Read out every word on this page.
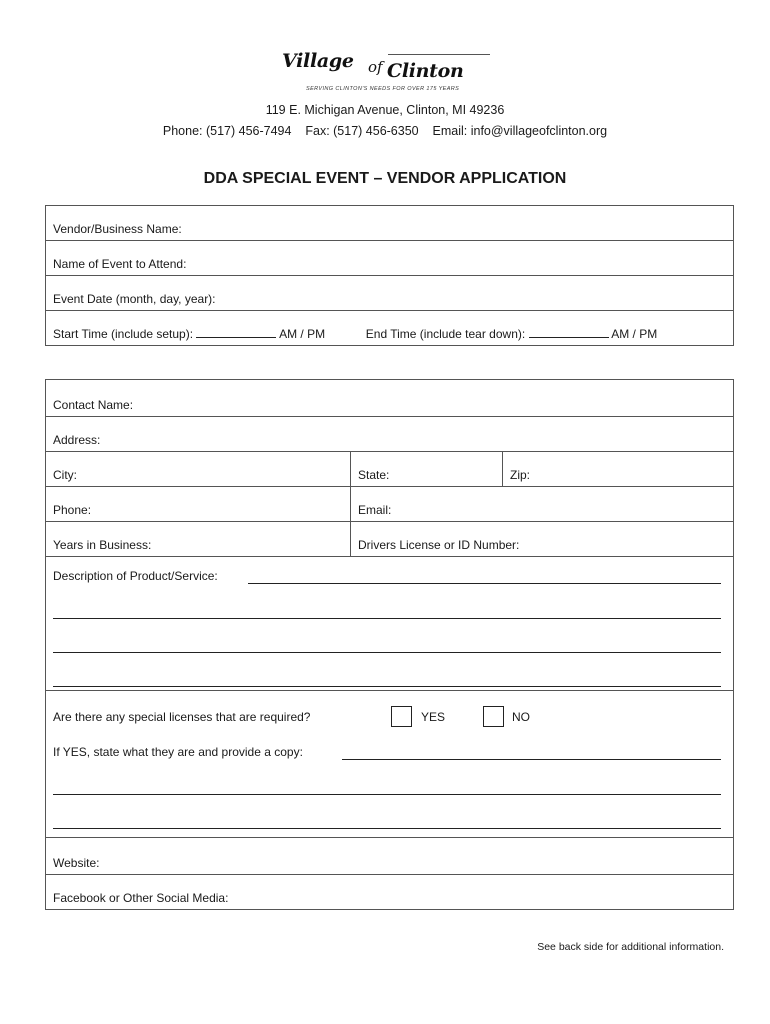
Village of Clinton
SERVING CLINTON'S NEEDS FOR OVER 175 YEARS
119 E. Michigan Avenue, Clinton, MI 49236
Phone: (517) 456-7494    Fax: (517) 456-6350    Email: info@villageofclinton.org
DDA SPECIAL EVENT – VENDOR APPLICATION
Vendor/Business Name:
Name of Event to Attend:
Event Date (month, day, year):
Start Time (include setup):	AM / PM	End Time (include tear down):	AM / PM
Contact Name:		
Address:		
City:	State:	Zip:
Phone:	Email:	
Years in Business:	Drivers License or ID Number:	

Description of Product/Service:		

Are there any special licenses that are required? YES NO
If YES, state what they are and provide a copy:		

Website:		
Facebook or Other Social Media:		
See back side for additional information.
